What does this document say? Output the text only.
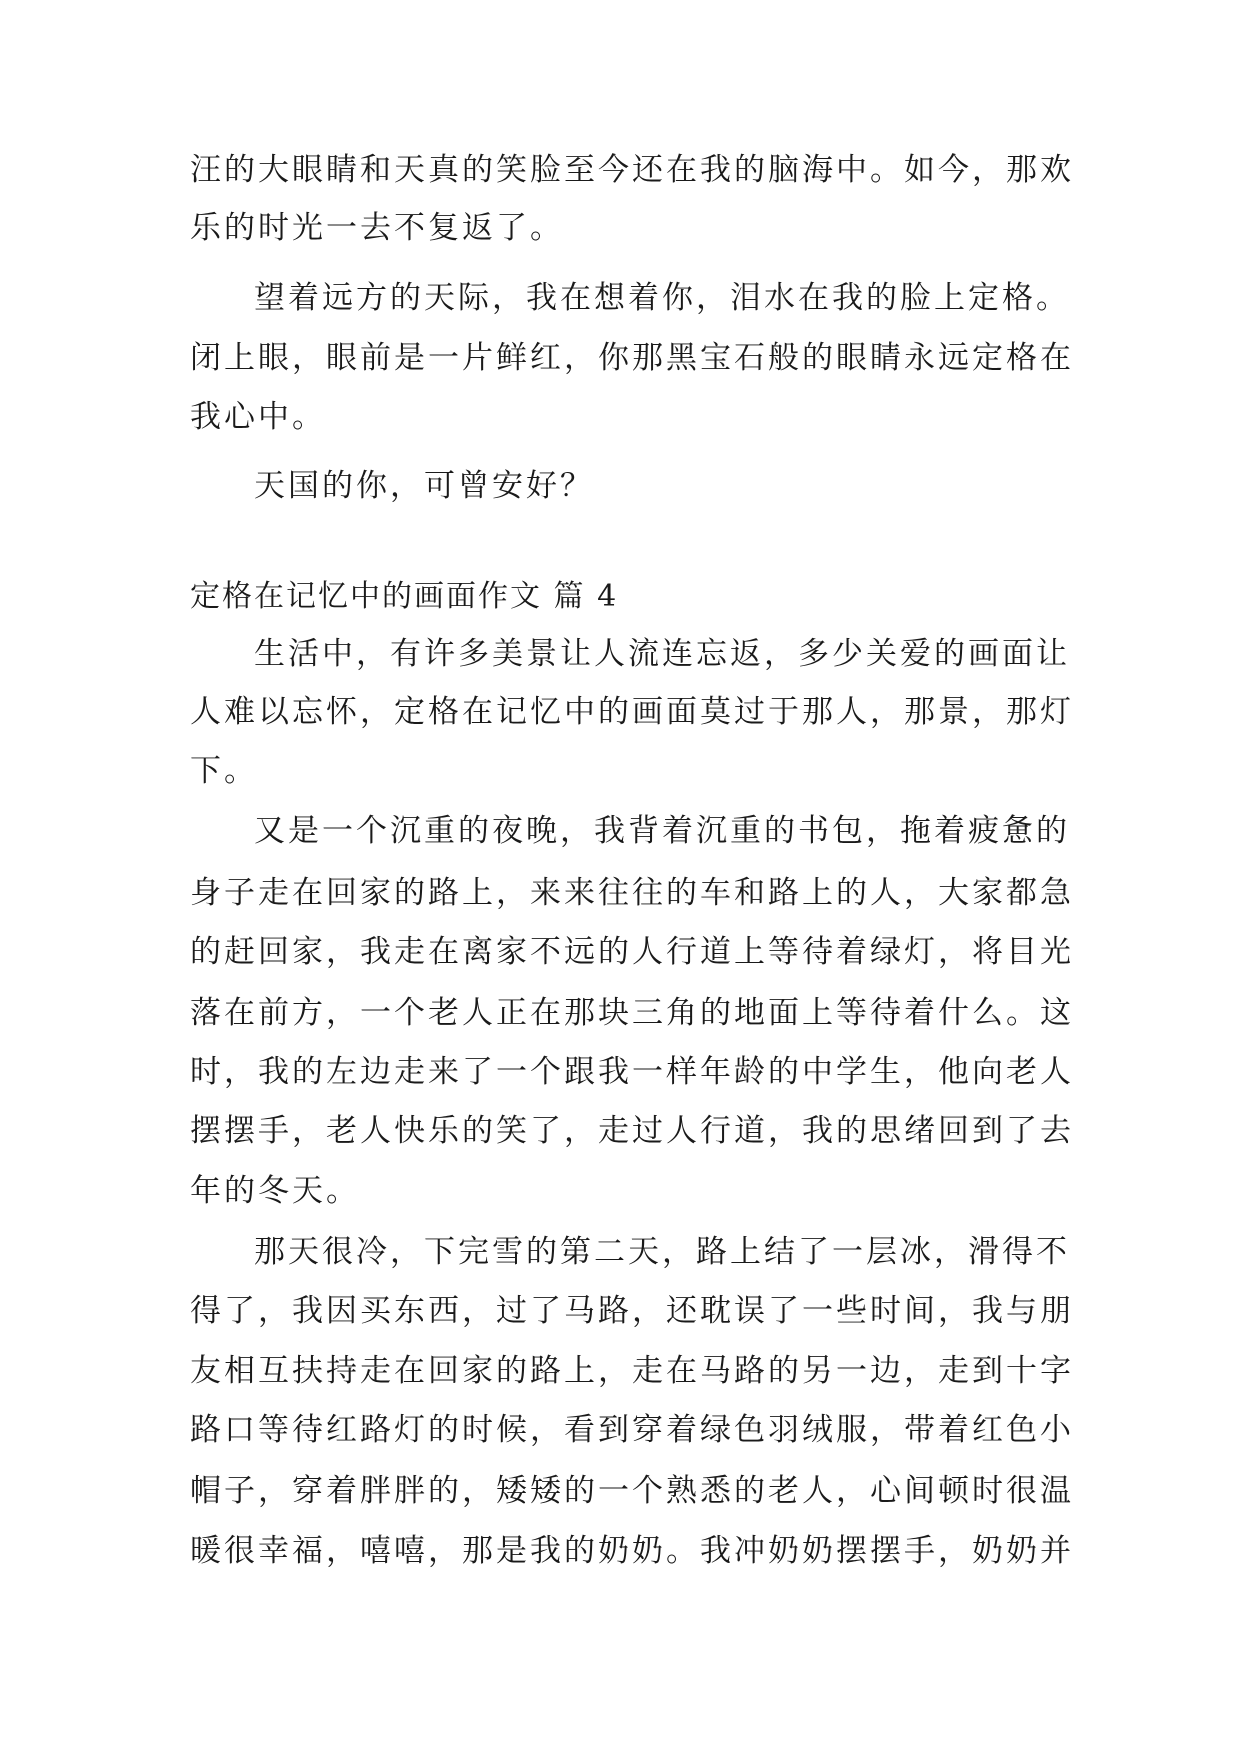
汪的大眼睛和天真的笑脸至今还在我的脑海中。如今，那欢
乐的时光一去不复返了。
望着远方的天际，我在想着你，泪水在我的脸上定格。
闭上眼，眼前是一片鲜红，你那黑宝石般的眼睛永远定格在
我心中。
天国的你，可曾安好？
定格在记忆中的画面作文 篇 4
生活中，有许多美景让人流连忘返，多少关爱的画面让
人难以忘怀，定格在记忆中的画面莫过于那人，那景，那灯
下。
又是一个沉重的夜晚，我背着沉重的书包，拖着疲惫的
身子走在回家的路上，来来往往的车和路上的人，大家都急
的赶回家，我走在离家不远的人行道上等待着绿灯，将目光
落在前方，一个老人正在那块三角的地面上等待着什么。这
时，我的左边走来了一个跟我一样年龄的中学生，他向老人
摆摆手，老人快乐的笑了，走过人行道，我的思绪回到了去
年的冬天。
那天很冷，下完雪的第二天，路上结了一层冰，滑得不
得了，我因买东西，过了马路，还耽误了一些时间，我与朋
友相互扶持走在回家的路上，走在马路的另一边，走到十字
路口等待红路灯的时候，看到穿着绿色羽绒服，带着红色小
帽子，穿着胖胖的，矮矮的一个熟悉的老人，心间顿时很温
暖很幸福，嘻嘻，那是我的奶奶。我冲奶奶摆摆手，奶奶并
